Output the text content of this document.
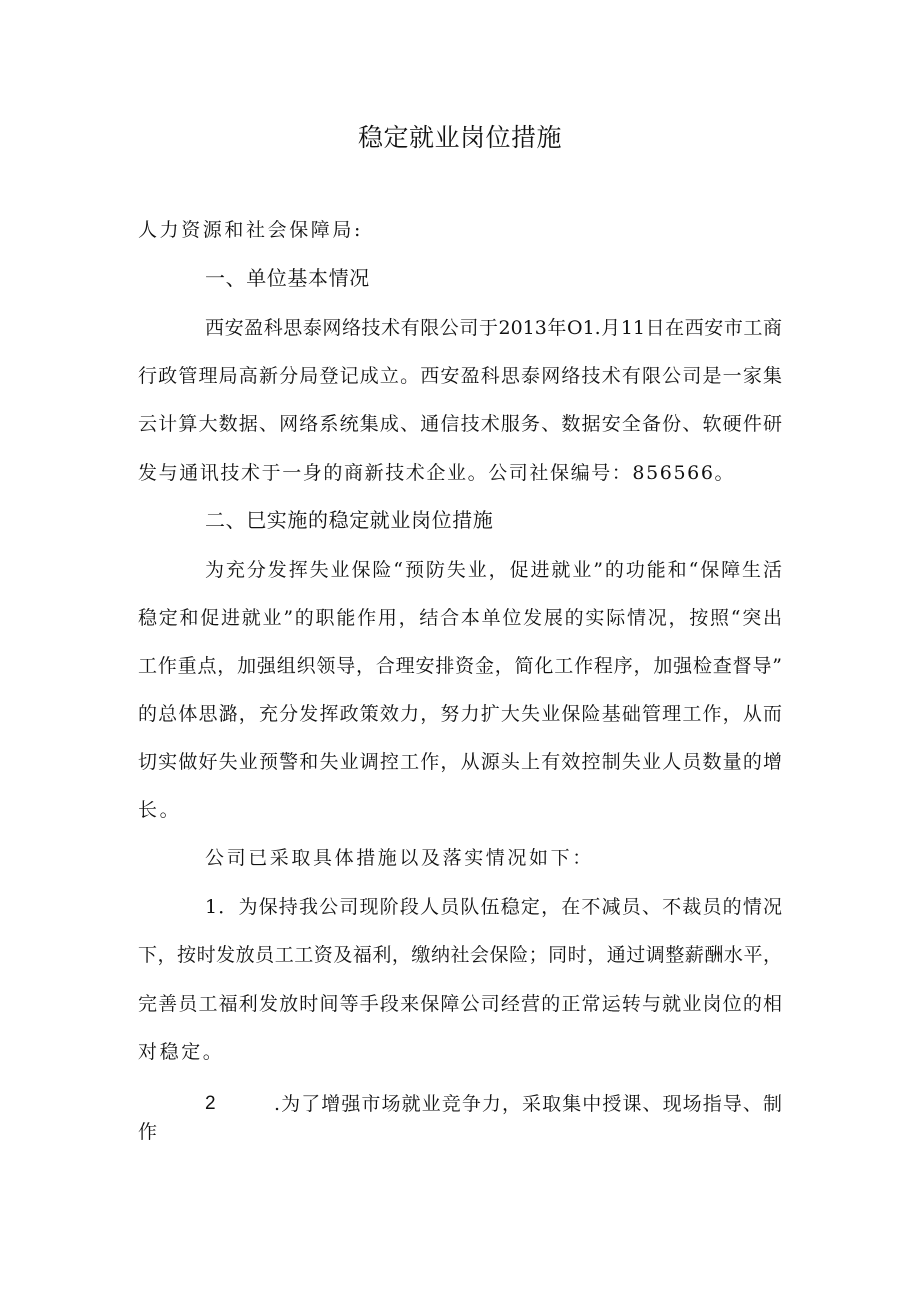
稳定就业岗位措施
人力资源和社会保障局:
一、单位基本情况
西安盈科思泰网络技术有限公司于2013年O1.月11日在西安市工商
行政管理局高新分局登记成立。西安盈科思泰网络技术有限公司是一家集
云计算大数据、网络系统集成、通信技术服务、数据安全备份、软硬件研
发与通讯技术于一身的商新技术企业。公司社保编号：856566。
二、巳实施的稳定就业岗位措施
为充分发挥失业保险“预防失业，促进就业”的功能和“保障生活
稳定和促进就业”的职能作用，结合本单位发展的实际情况，按照“突出
工作重点，加强组织领导，合理安排资金，简化工作程序，加强检查督导”
的总体思潞，充分发挥政策效力，努力扩大失业保险基础管理工作，从而
切实做好失业预警和失业调控工作，从源头上有效控制失业人员数量的增
长。
公司已采取具体措施以及落实情况如下：
1．为保持我公司现阶段人员队伍稳定，在不减员、不裁员的情况
下，按时发放员工工资及福利，缴纳社会保险；同时，通过调整薪酬水平，
完善员工福利发放时间等手段来保障公司经营的正常运转与就业岗位的相
对稳定。
2	.为了增强市场就业竞争力，采取集中授课、现场指导、制
作
